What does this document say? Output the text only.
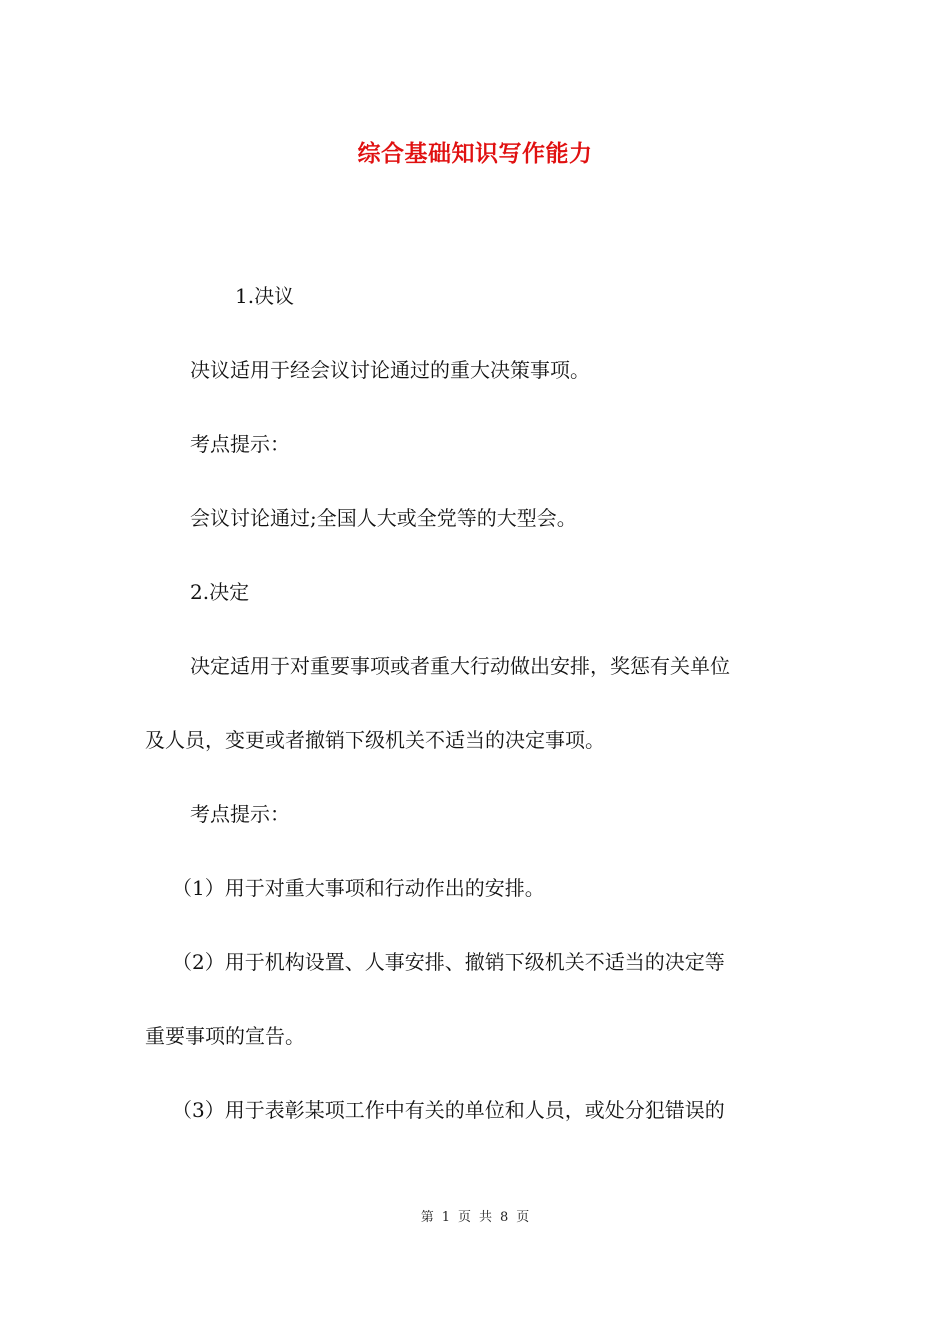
综合基础知识写作能力
1.决议
决议适用于经会议讨论通过的重大决策事项。
考点提示：
会议讨论通过;全国人大或全党等的大型会。
2.决定
决定适用于对重要事项或者重大行动做出安排，奖惩有关单位
及人员，变更或者撤销下级机关不适当的决定事项。
考点提示：
（1）用于对重大事项和行动作出的安排。
（2）用于机构设置、人事安排、撤销下级机关不适当的决定等
重要事项的宣告。
（3）用于表彰某项工作中有关的单位和人员，或处分犯错误的
第 1 页 共 8 页
